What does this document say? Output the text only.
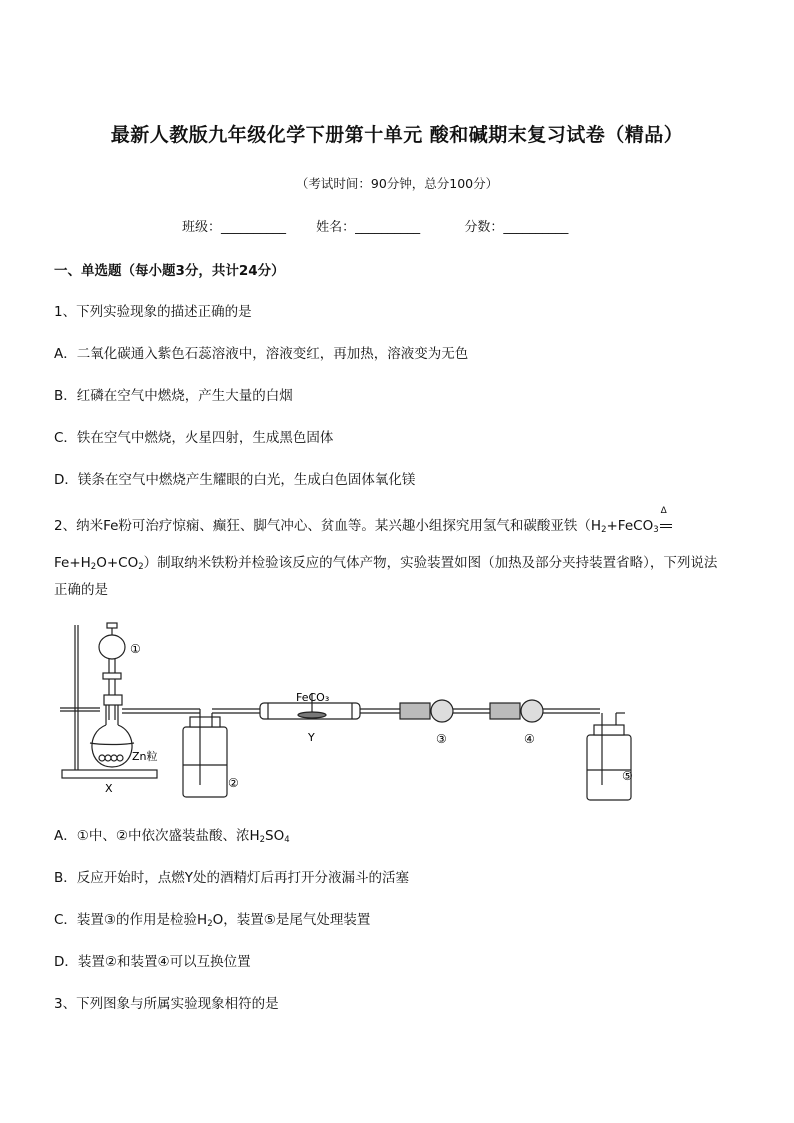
最新人教版九年级化学下册第十单元 酸和碱期末复习试卷（精品）
（考试时间：90分钟，总分100分）
班级：__________ 姓名：__________	分数：__________
一、单选题（每小题3分，共计24分）
1、下列实验现象的描述正确的是
A．二氧化碳通入紫色石蕊溶液中，溶液变红，再加热，溶液变为无色
B．红磷在空气中燃烧，产生大量的白烟
C．铁在空气中燃烧，火星四射，生成黑色固体
D．镁条在空气中燃烧产生耀眼的白光，生成白色固体氧化镁
2、纳米Fe粉可治疗惊痫、癫狂、脚气冲心、贫血等。某兴趣小组探究用氢气和碳酸亚铁（H2+FeCO3
Δ
Fe+H2O+CO2）制取纳米铁粉并检验该反应的气体产物，实验装置如图（加热及部分夹持装置省略），下列说法
正确的是
①
Zn粒
X	②
FeCO₃
Y	③	④
⑤
A．①中、②中依次盛装盐酸、浓H2SO4
B．反应开始时，点燃Y处的酒精灯后再打开分液漏斗的活塞
C．装置③的作用是检验H2O，装置⑤是尾气处理装置
D．装置②和装置④可以互换位置
3、下列图象与所属实验现象相符的是
